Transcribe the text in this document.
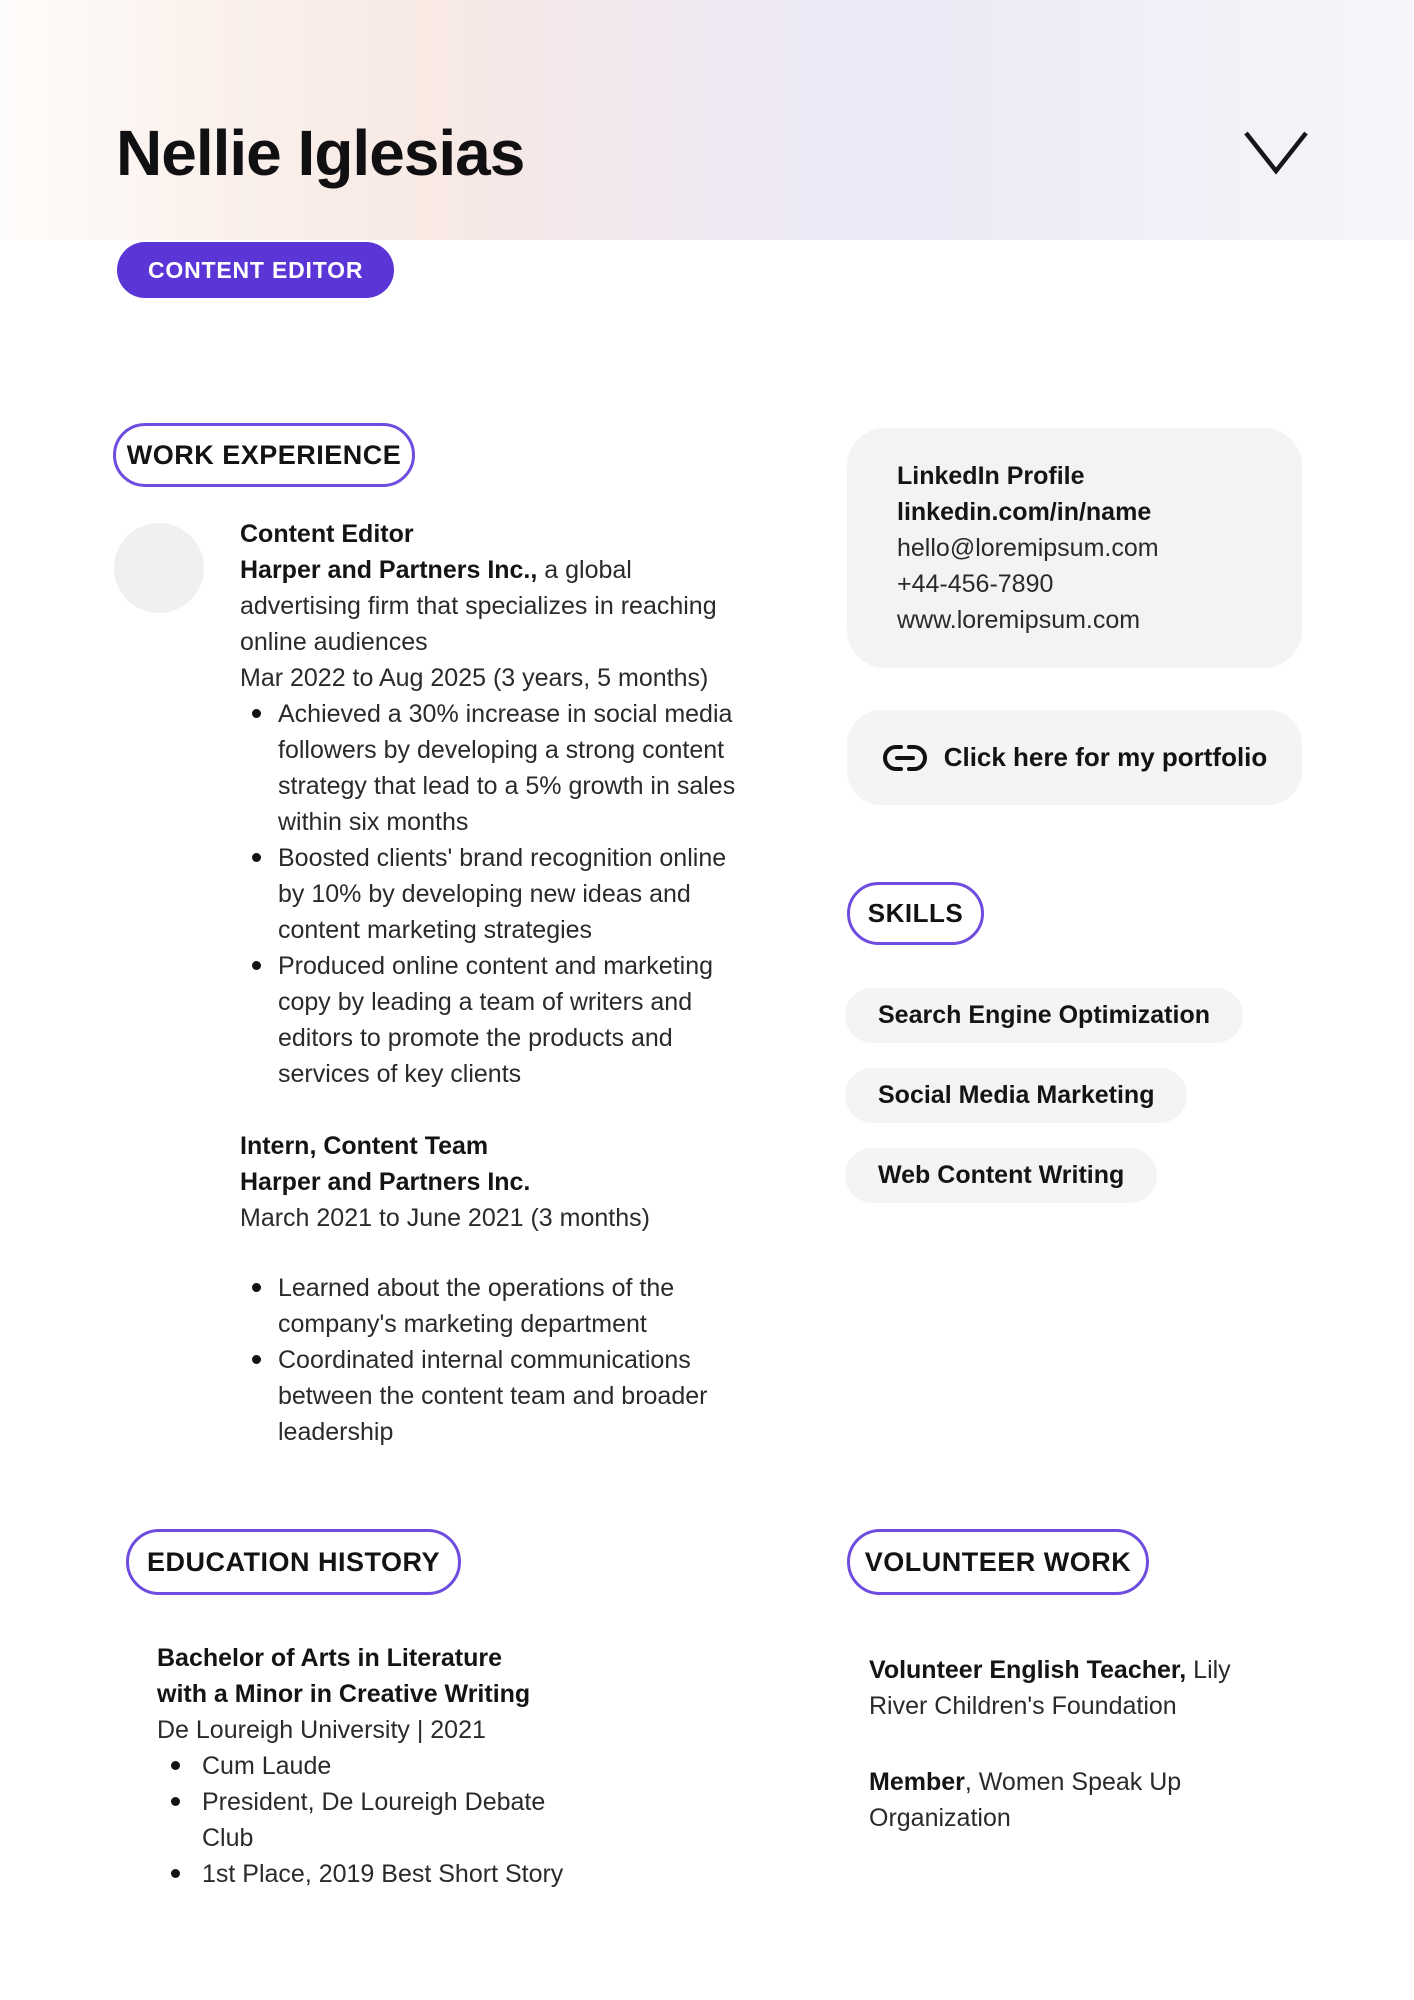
Nellie Iglesias
CONTENT EDITOR
WORK EXPERIENCE
Content Editor
Harper and Partners Inc., a global advertising firm that specializes in reaching online audiences
Mar 2022 to Aug 2025 (3 years, 5 months)
Achieved a 30% increase in social media followers by developing a strong content strategy that lead to a 5% growth in sales within six months
Boosted clients' brand recognition online by 10% by developing new ideas and content marketing strategies
Produced online content and marketing copy by leading a team of writers and editors to promote the products and services of key clients
Intern, Content Team
Harper and Partners Inc.
March 2021 to June 2021 (3 months)
Learned about the operations of the company's marketing department
Coordinated internal communications between the content team and broader leadership
LinkedIn Profile
linkedin.com/in/name
hello@loremipsum.com
+44-456-7890
www.loremipsum.com
Click here for my portfolio
SKILLS
Search Engine Optimization
Social Media Marketing
Web Content Writing
EDUCATION HISTORY
Bachelor of Arts in Literature with a Minor in Creative Writing
De Loureigh University | 2021
Cum Laude
President, De Loureigh Debate Club
1st Place, 2019 Best Short Story
VOLUNTEER WORK
Volunteer English Teacher, Lily River Children's Foundation
Member, Women Speak Up Organization
